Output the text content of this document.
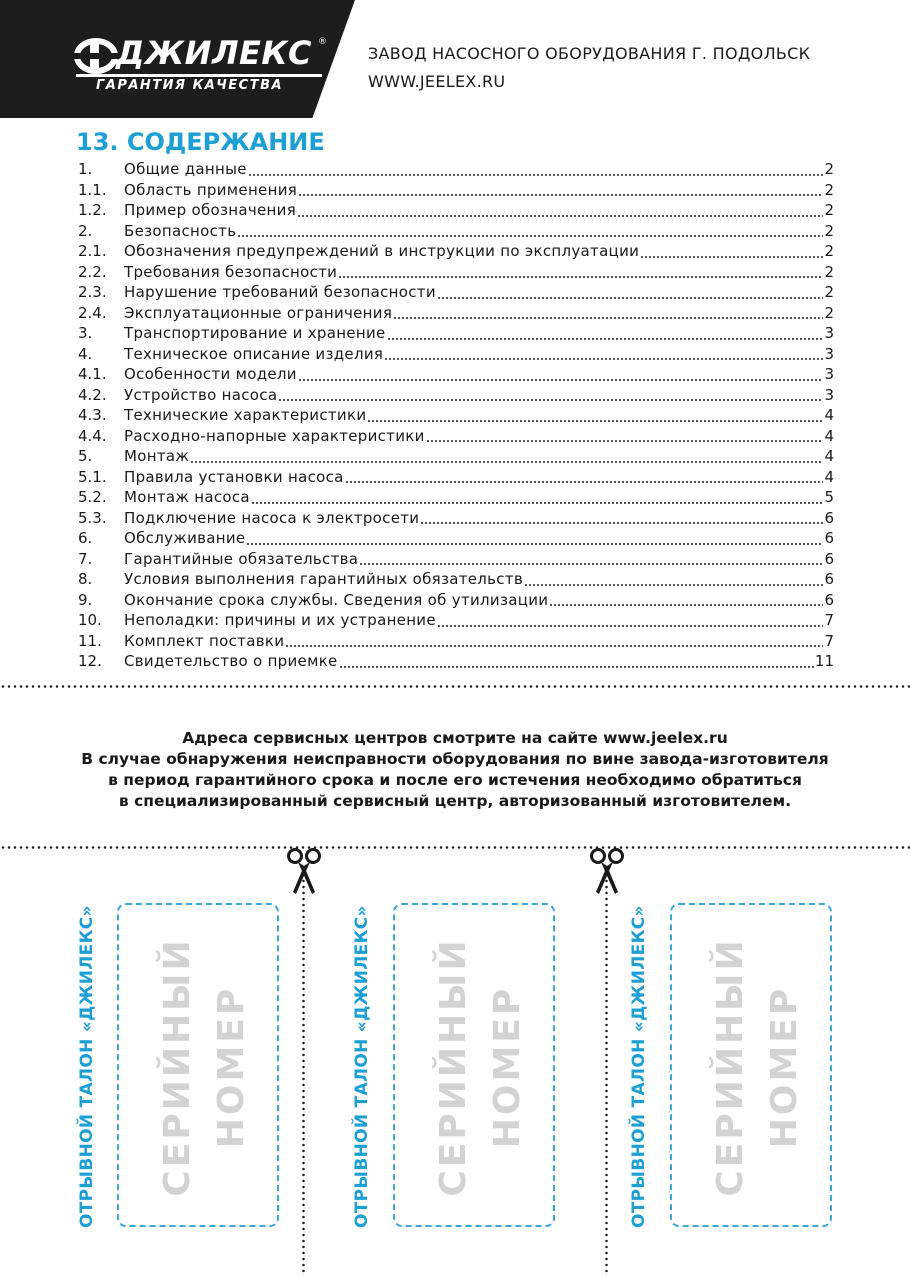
ДЖИЛЕКС ®
ГАРАНТИЯ КАЧЕСТВА
ЗАВОД НАСОСНОГО ОБОРУДОВАНИЯ Г. ПОДОЛЬСК
WWW.JEELEX.RU
13. СОДЕРЖАНИЕ
1.	Общие данные	2
1.1.	Область применения	2
1.2.	Пример обозначения	2
2.	Безопасность	2
2.1.	Обозначения предупреждений в инструкции по эксплуатации	2
2.2.	Требования безопасности	2
2.3.	Нарушение требований безопасности	2
2.4.	Эксплуатационные ограничения	2
3.	Транспортирование и хранение	3
4.	Техническое описание изделия	3
4.1.	Особенности модели	3
4.2.	Устройство насоса	3
4.3.	Технические характеристики	4
4.4.	Расходно-напорные характеристики	4
5.	Монтаж	4
5.1.	Правила установки насоса	4
5.2.	Монтаж насоса	5
5.3.	Подключение насоса к электросети	6
6.	Обслуживание	6
7.	Гарантийные обязательства	6
8.	Условия выполнения гарантийных обязательств	6
9.	Окончание срока службы. Сведения об утилизации	6
10.	Неполадки: причины и их устранение	7
11.	Комплект поставки	7
12.	Свидетельство о приемке	11
Адреса сервисных центров смотрите на сайте www.jeelex.ru
В случае обнаружения неисправности оборудования по вине завода-изготовителя
в период гарантийного срока и после его истечения необходимо обратиться
в специализированный сервисный центр, авторизованный изготовителем.
ОТРЫВНОЙ ТАЛОН «ДЖИЛЕКС» СЕРИЙНЫЙ НОМЕР	ОТРЫВНОЙ ТАЛОН «ДЖИЛЕКС» СЕРИЙНЫЙ НОМЕР	ОТРЫВНОЙ ТАЛОН «ДЖИЛЕКС» СЕРИЙНЫЙ НОМЕР
